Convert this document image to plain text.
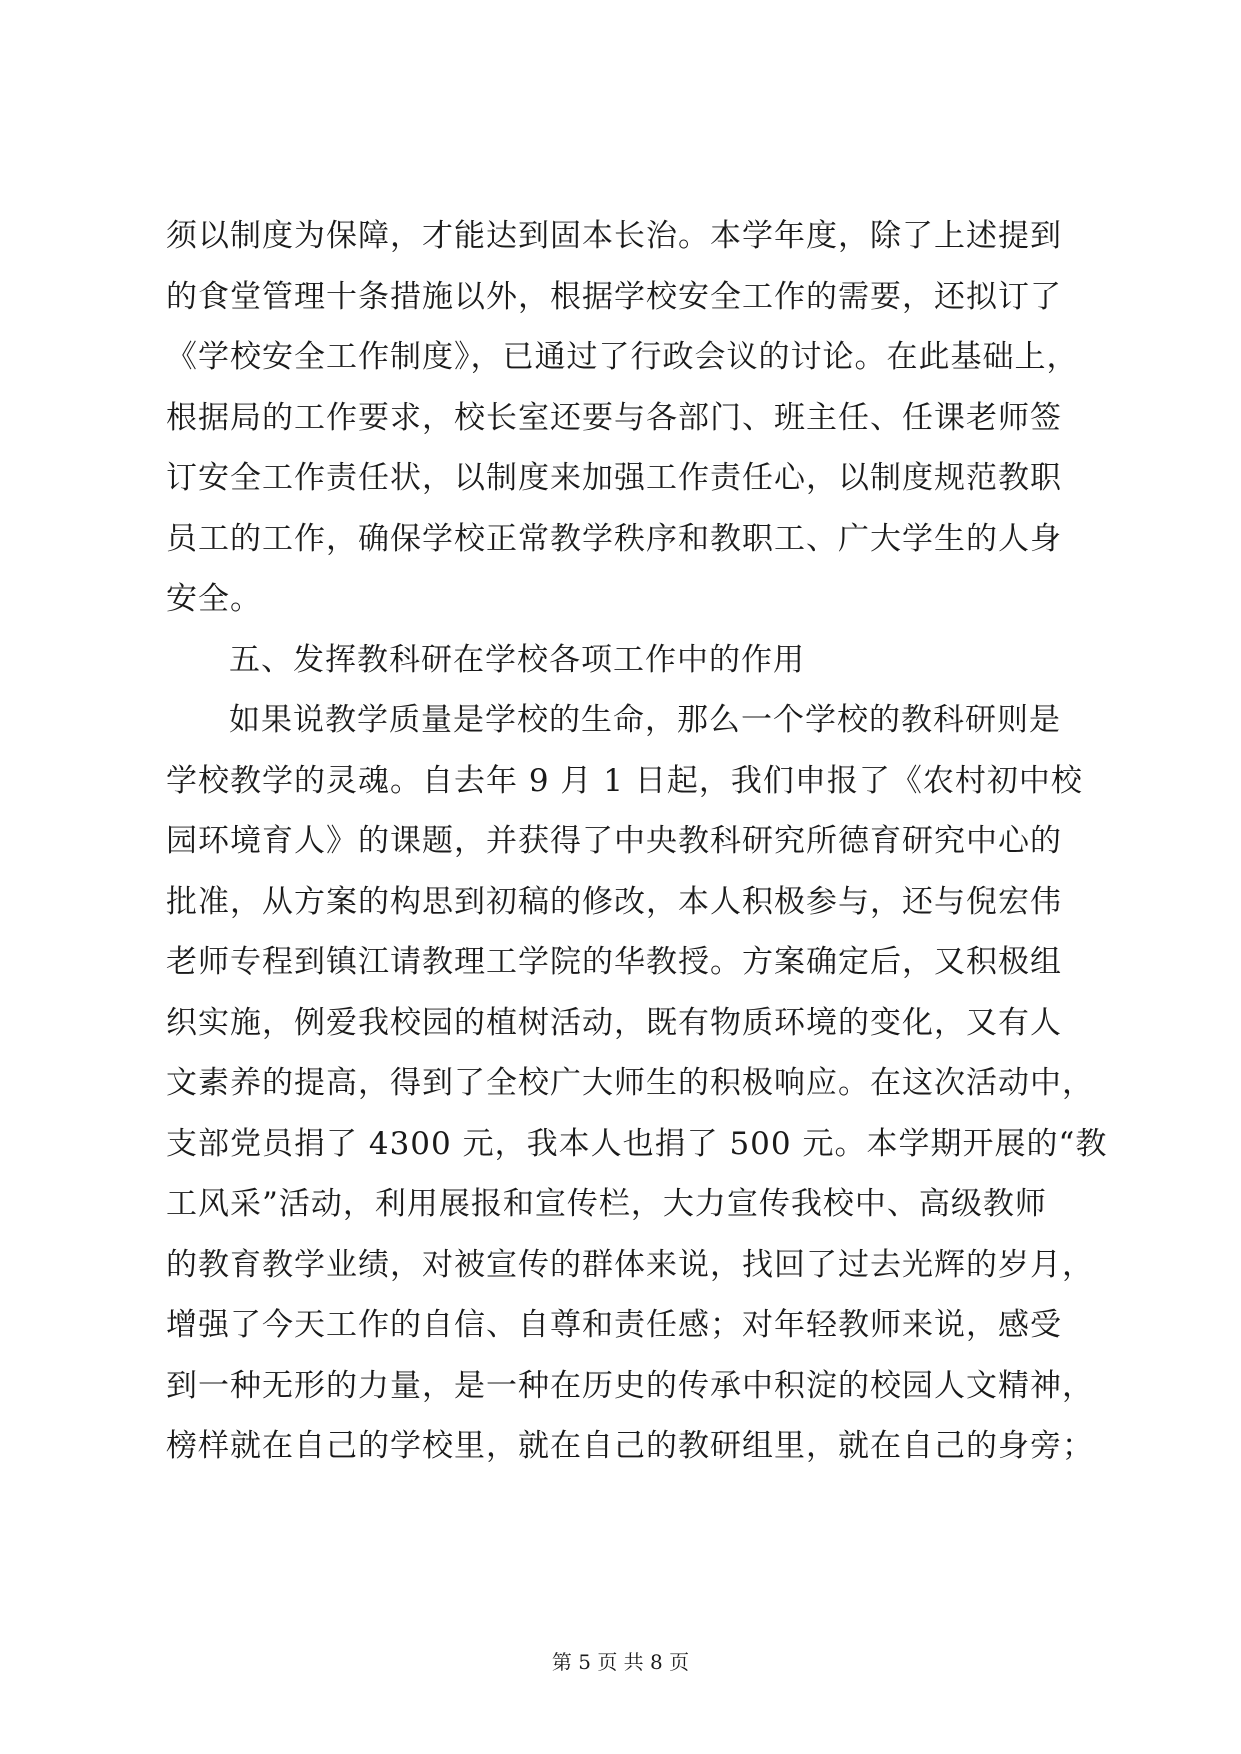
须以制度为保障，才能达到固本长治。本学年度，除了上述提到
的食堂管理十条措施以外，根据学校安全工作的需要，还拟订了
《学校安全工作制度》，已通过了行政会议的讨论。在此基础上，
根据局的工作要求，校长室还要与各部门、班主任、任课老师签
订安全工作责任状，以制度来加强工作责任心，以制度规范教职
员工的工作，确保学校正常教学秩序和教职工、广大学生的人身
安全。
五、发挥教科研在学校各项工作中的作用
如果说教学质量是学校的生命，那么一个学校的教科研则是
学校教学的灵魂。自去年 9 月 1 日起，我们申报了《农村初中校
园环境育人》的课题，并获得了中央教科研究所德育研究中心的
批准，从方案的构思到初稿的修改，本人积极参与，还与倪宏伟
老师专程到镇江请教理工学院的华教授。方案确定后，又积极组
织实施，例爱我校园的植树活动，既有物质环境的变化，又有人
文素养的提高，得到了全校广大师生的积极响应。在这次活动中，
支部党员捐了 4300 元，我本人也捐了 500 元。本学期开展的“教
工风采”活动，利用展报和宣传栏，大力宣传我校中、高级教师
的教育教学业绩，对被宣传的群体来说，找回了过去光辉的岁月，
增强了今天工作的自信、自尊和责任感；对年轻教师来说，感受
到一种无形的力量，是一种在历史的传承中积淀的校园人文精神，
榜样就在自己的学校里，就在自己的教研组里，就在自己的身旁；
第 5 页 共 8 页
